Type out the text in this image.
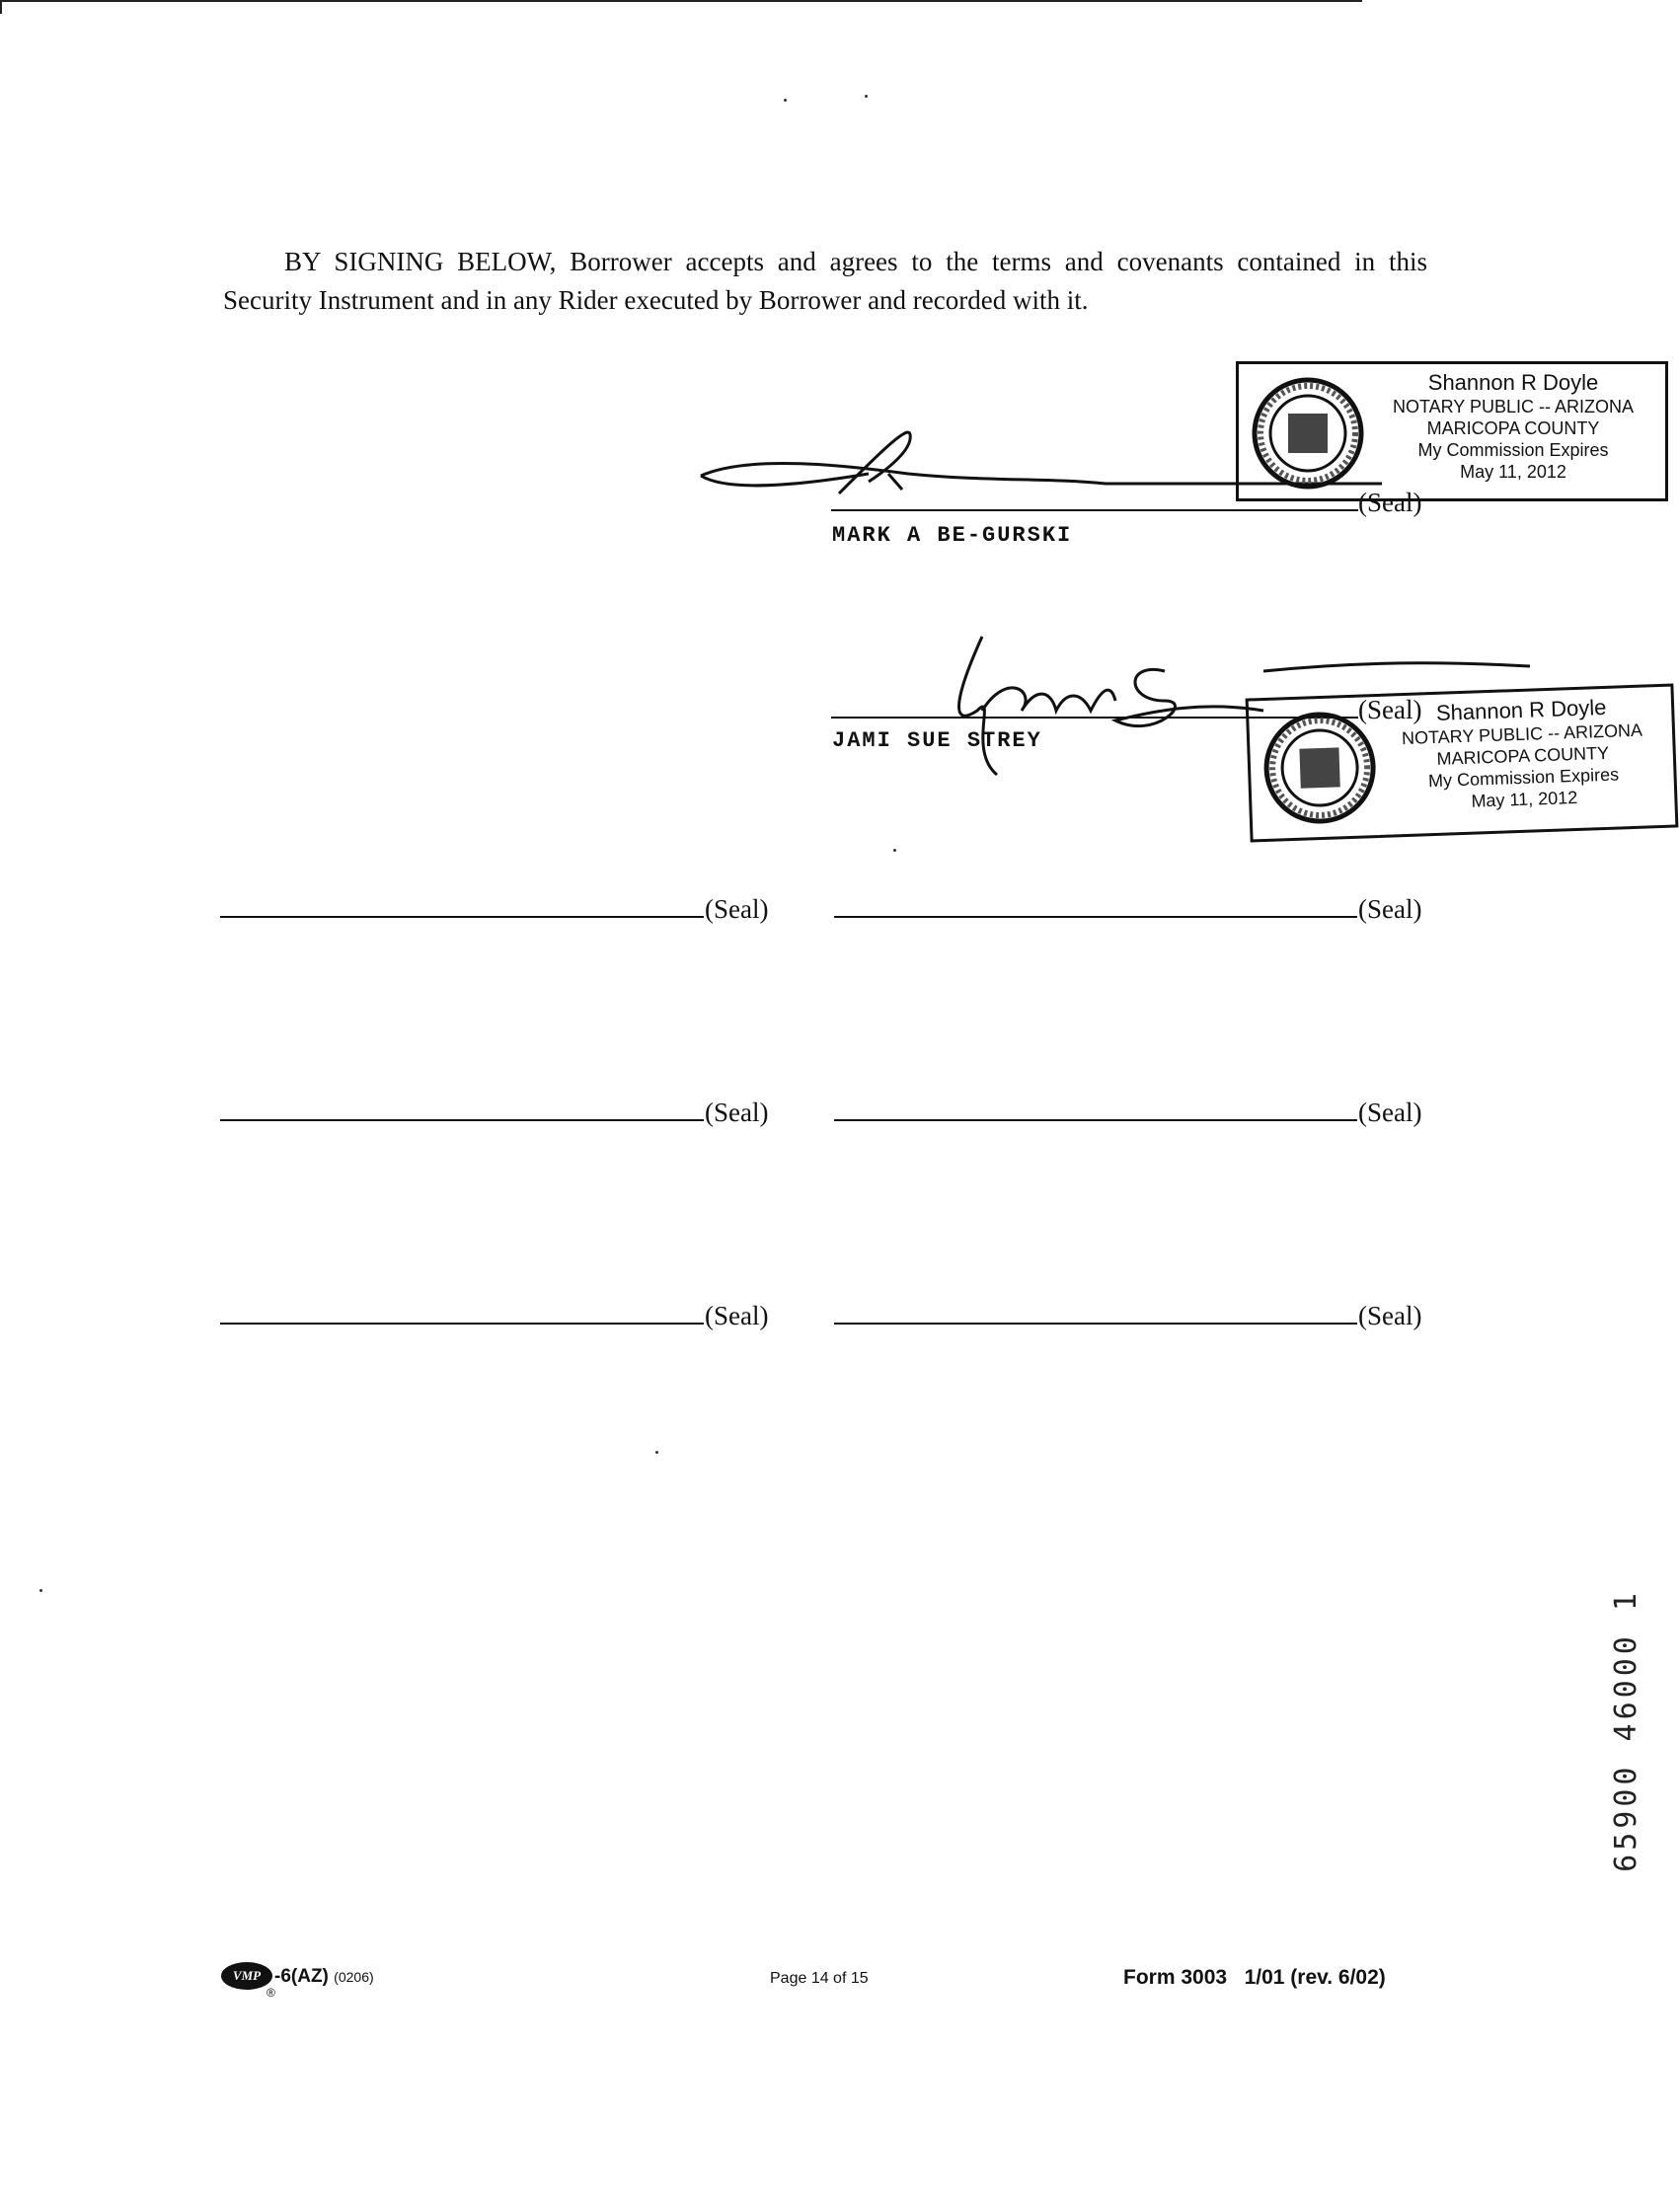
BY SIGNING BELOW, Borrower accepts and agrees to the terms and covenants contained in this
Security Instrument and in any Rider executed by Borrower and recorded with it.
(Seal)
MARK A BE-GURSKI
Shannon R Doyle
NOTARY PUBLIC -- ARIZONA
MARICOPA COUNTY
My Commission Expires
May 11, 2012
(Seal)
JAMI SUE STREY
Shannon R Doyle
NOTARY PUBLIC -- ARIZONA
MARICOPA COUNTY
My Commission Expires
May 11, 2012
(Seal)	(Seal)
(Seal)	(Seal)
(Seal)	(Seal)
65900 46000 1
VMP
®
-6(AZ) (0206)	Page 14 of 15	Form 3003 1/01 (rev. 6/02)
